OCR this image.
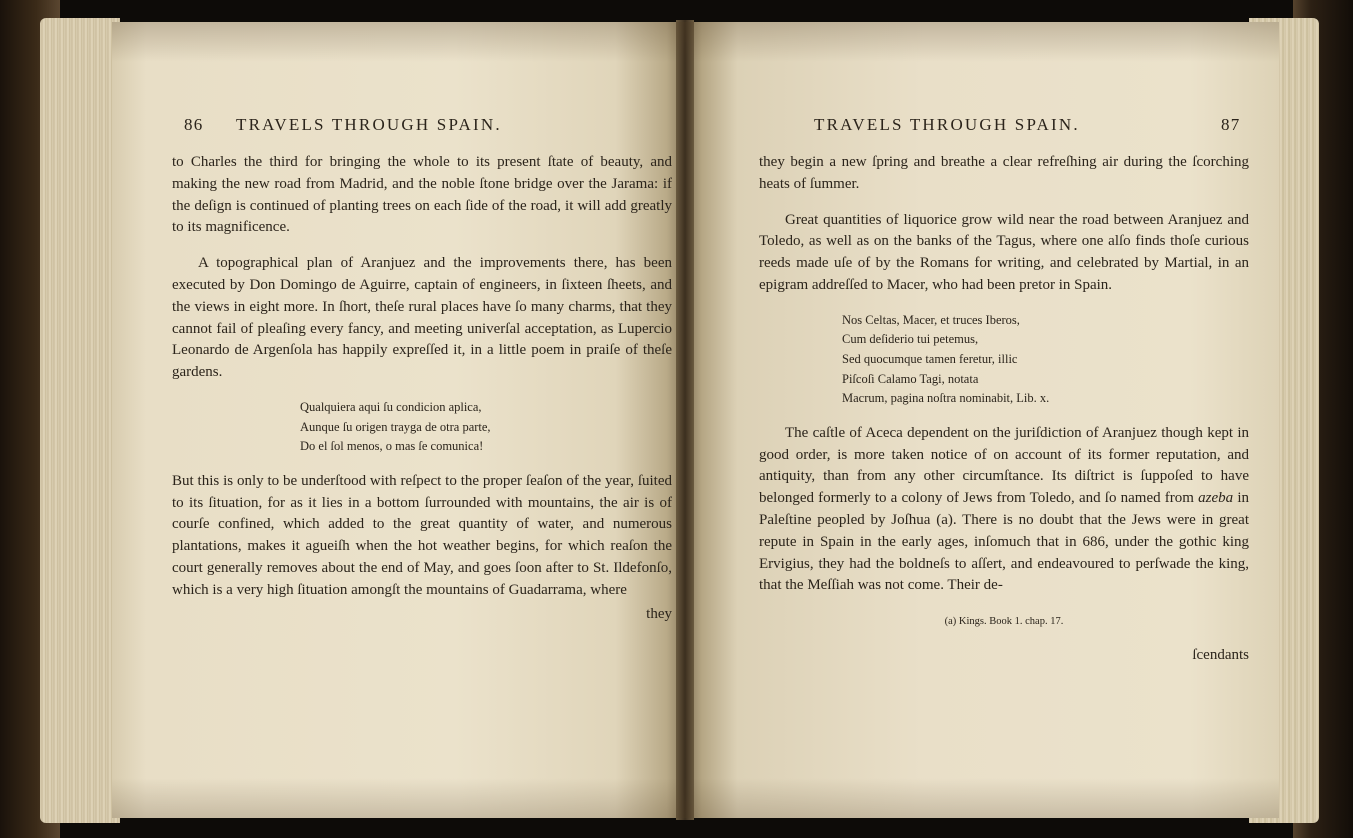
86 TRAVELS THROUGH SPAIN.

to Charles the third for bringing the whole to its present ſtate of beauty, and making the new road from Madrid, and the noble ſtone bridge over the Jarama: if the deſign is continued of planting trees on each ſide of the road, it will add greatly to its magnificence.

A topographical plan of Aranjuez and the improvements there, has been executed by Don Domingo de Aguirre, captain of engineers, in ſixteen ſheets, and the views in eight more. In ſhort, theſe rural places have ſo many charms, that they cannot fail of pleaſing every fancy, and meeting univerſal acceptation, as Lupercio Leonardo de Argenſola has happily expreſſed it, in a little poem in praiſe of theſe gardens.

Qualquiera aqui ſu condicion aplica,
Aunque ſu origen trayga de otra parte,
Do el ſol menos, o mas ſe comunica!

But this is only to be underſtood with reſpect to the proper ſeaſon of the year, ſuited to its ſituation, for as it lies in a bottom ſurrounded with mountains, the air is of courſe confined, which added to the great quantity of water, and numerous plantations, makes it agueiſh when the hot weather begins, for which reaſon the court generally removes about the end of May, and goes ſoon after to St. Ildefonſo, which is a very high ſituation amongſt the mountains of Guadarrama, where

they
TRAVELS THROUGH SPAIN.	87

they begin a new ſpring and breathe a clear refreſhing air during the ſcorching heats of ſummer.

Great quantities of liquorice grow wild near the road between Aranjuez and Toledo, as well as on the banks of the Tagus, where one alſo finds thoſe curious reeds made uſe of by the Romans for writing, and celebrated by Martial, in an epigram addreſſed to Macer, who had been pretor in Spain.

Nos Celtas, Macer, et truces Iberos,
Cum deſiderio tui petemus,
Sed quocumque tamen feretur, illic
Piſcoſi Calamo Tagi, notata
Macrum, pagina noſtra nominabit, Lib. x.

The caſtle of Aceca dependent on the juriſdiction of Aranjuez though kept in good order, is more taken notice of on account of its former reputation, and antiquity, than from any other circumſtance. Its diſtrict is ſuppoſed to have belonged formerly to a colony of Jews from Toledo, and ſo named from azeba in Paleſtine peopled by Joſhua (a). There is no doubt that the Jews were in great repute in Spain in the early ages, inſomuch that in 686, under the gothic king Ervigius, they had the boldneſs to aſſert, and endeavoured to perſwade the king, that the Meſſiah was not come. Their de-

(a) Kings. Book 1. chap. 17.
ſcendants
